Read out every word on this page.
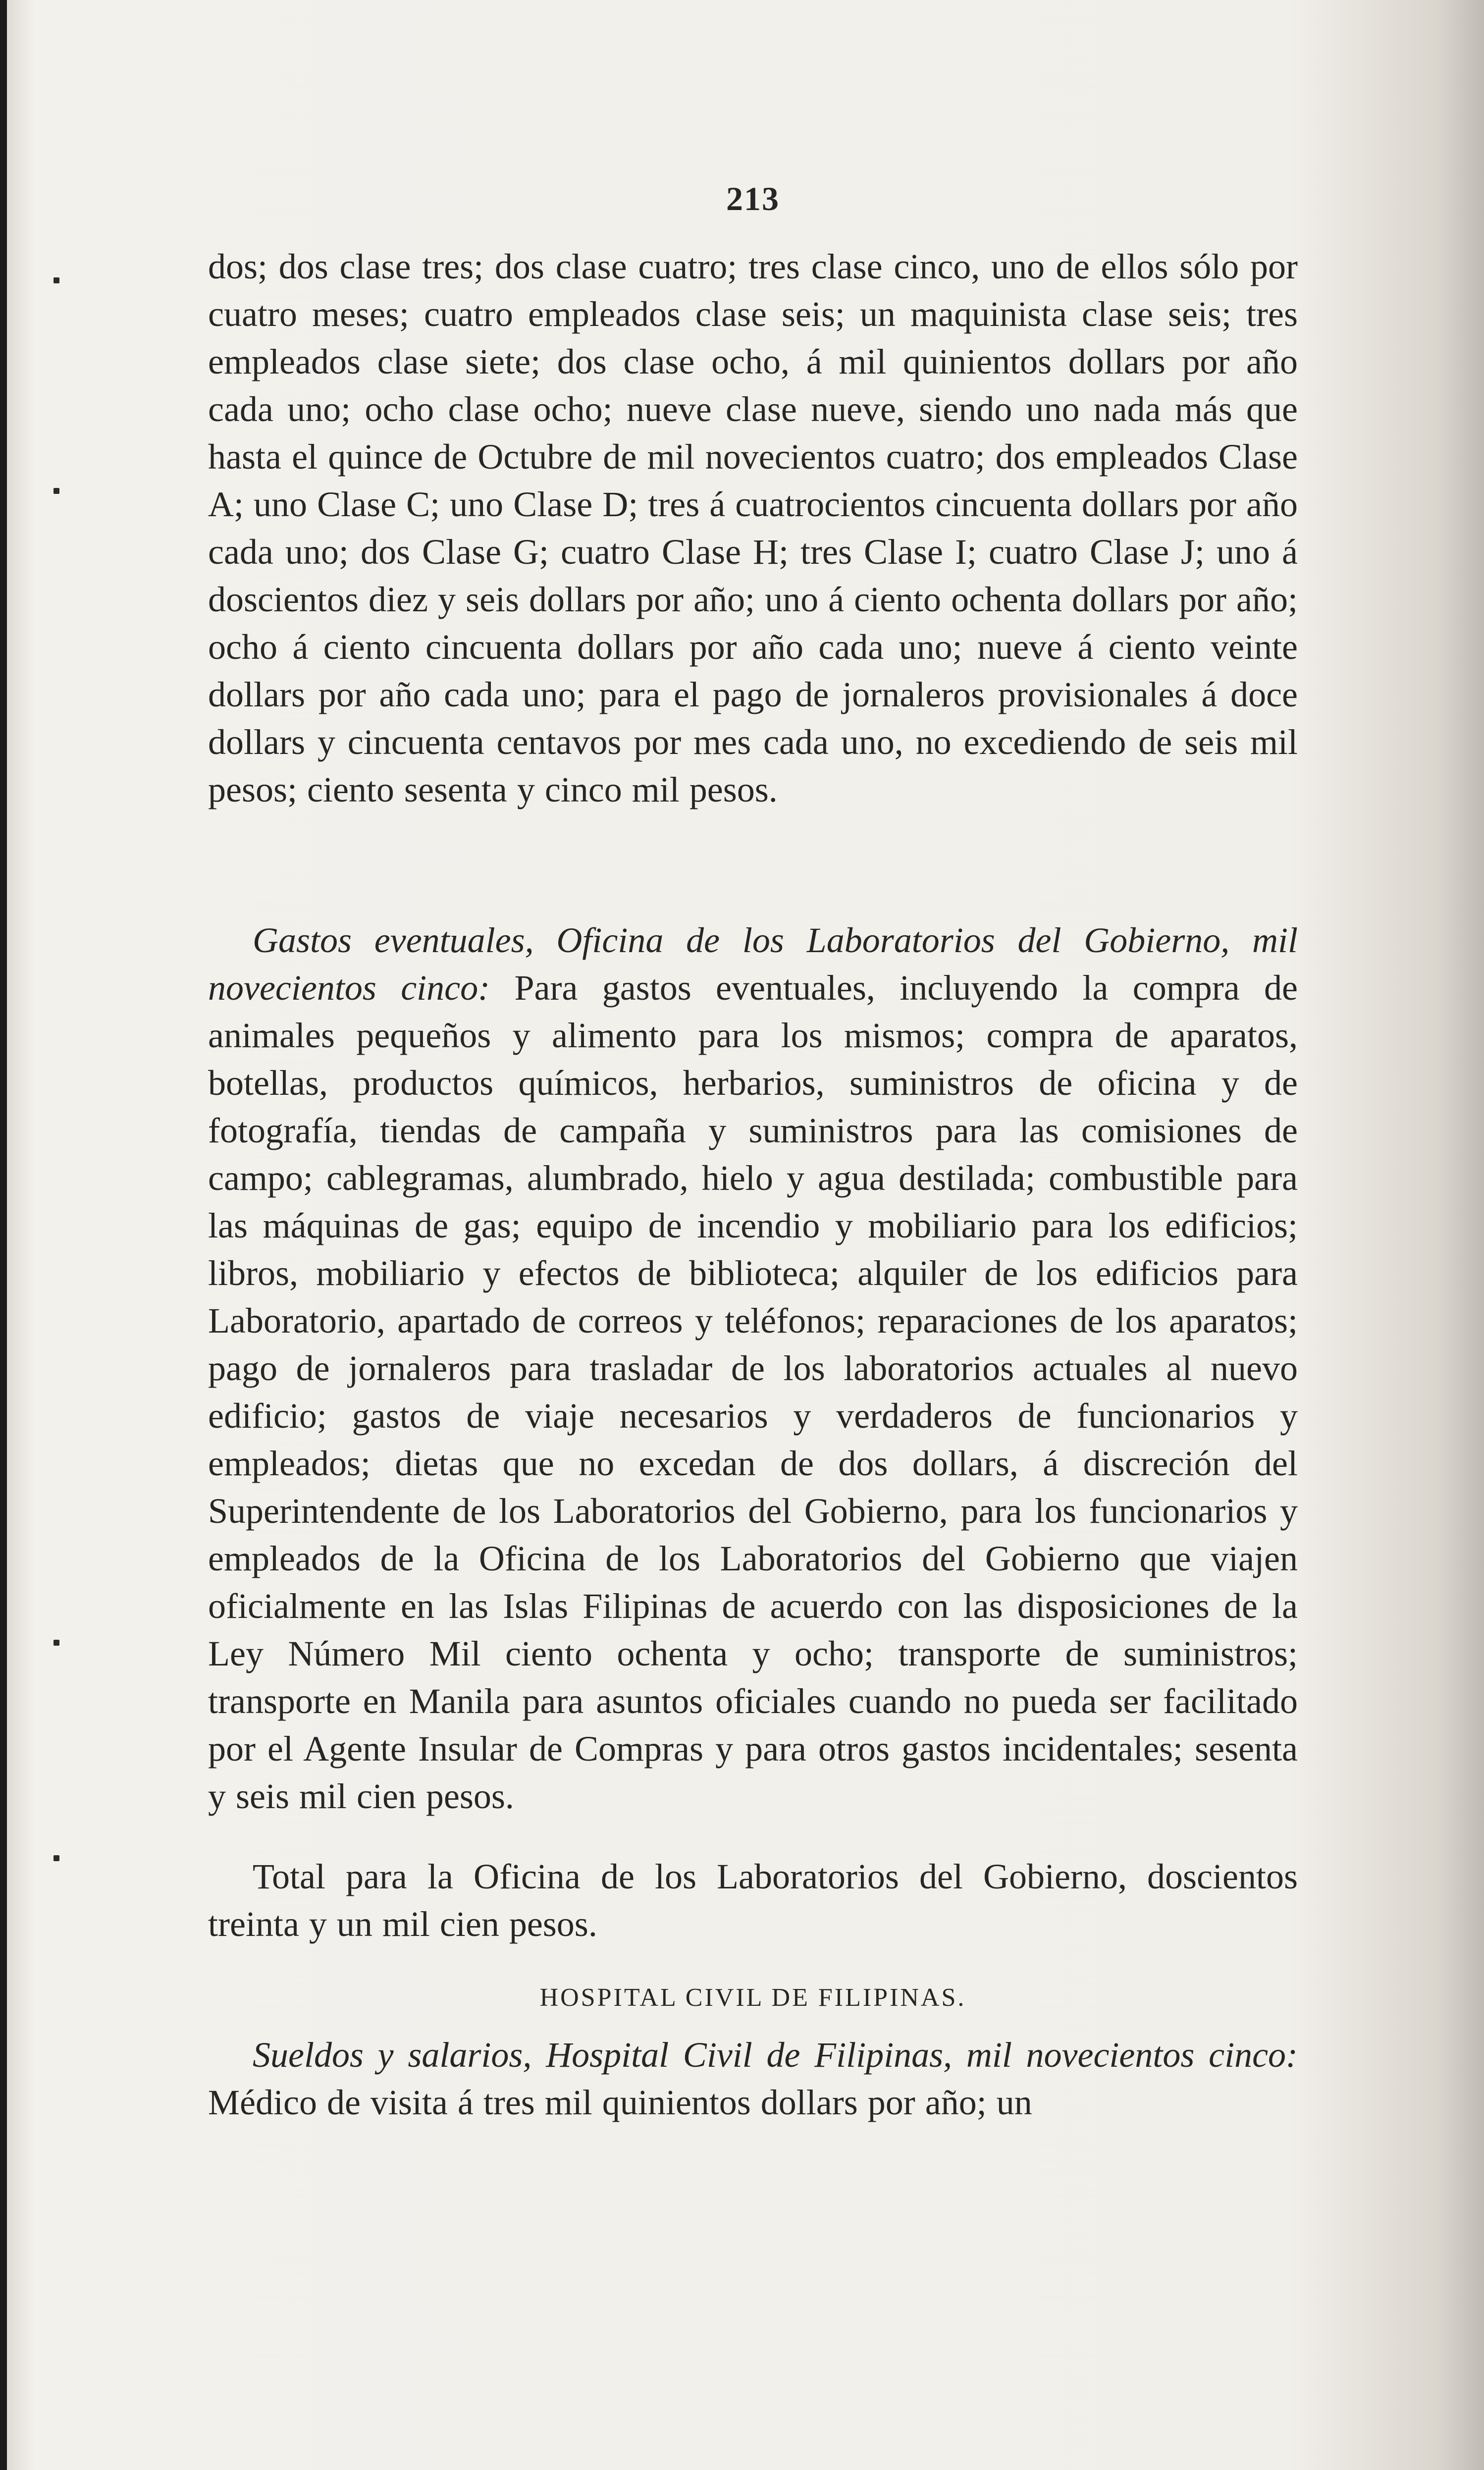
213
dos; dos clase tres; dos clase cuatro; tres clase cinco, uno de ellos sólo por cuatro meses; cuatro empleados clase seis; un maquinista clase seis; tres empleados clase siete; dos clase ocho, á mil quinientos dollars por año cada uno; ocho clase ocho; nueve clase nueve, siendo uno nada más que hasta el quince de Octubre de mil novecientos cuatro; dos empleados Clase A; uno Clase C; uno Clase D; tres á cuatrocientos cincuenta dollars por año cada uno; dos Clase G; cuatro Clase H; tres Clase I; cuatro Clase J; uno á doscientos diez y seis dollars por año; uno á ciento ochenta dollars por año; ocho á ciento cincuenta dollars por año cada uno; nueve á ciento veinte dollars por año cada uno; para el pago de jornaleros provisionales á doce dollars y cincuenta centavos por mes cada uno, no excediendo de seis mil pesos; ciento sesenta y cinco mil pesos.
Gastos eventuales, Oficina de los Laboratorios del Gobierno, mil novecientos cinco: Para gastos eventuales, incluyendo la compra de animales pequeños y alimento para los mismos; compra de aparatos, botellas, productos químicos, herbarios, suministros de oficina y de fotografía, tiendas de campaña y suministros para las comisiones de campo; cablegramas, alumbrado, hielo y agua destilada; combustible para las máquinas de gas; equipo de incendio y mobiliario para los edificios; libros, mobiliario y efectos de biblioteca; alquiler de los edificios para Laboratorio, apartado de correos y teléfonos; reparaciones de los aparatos; pago de jornaleros para trasladar de los laboratorios actuales al nuevo edificio; gastos de viaje necesarios y verdaderos de funcionarios y empleados; dietas que no excedan de dos dollars, á discreción del Superintendente de los Laboratorios del Gobierno, para los funcionarios y empleados de la Oficina de los Laboratorios del Gobierno que viajen oficialmente en las Islas Filipinas de acuerdo con las disposiciones de la Ley Número Mil ciento ochenta y ocho; transporte de suministros; transporte en Manila para asuntos oficiales cuando no pueda ser facilitado por el Agente Insular de Compras y para otros gastos incidentales; sesenta y seis mil cien pesos.
Total para la Oficina de los Laboratorios del Gobierno, doscientos treinta y un mil cien pesos.
HOSPITAL CIVIL DE FILIPINAS.
Sueldos y salarios, Hospital Civil de Filipinas, mil novecientos cinco: Médico de visita á tres mil quinientos dollars por año; un
